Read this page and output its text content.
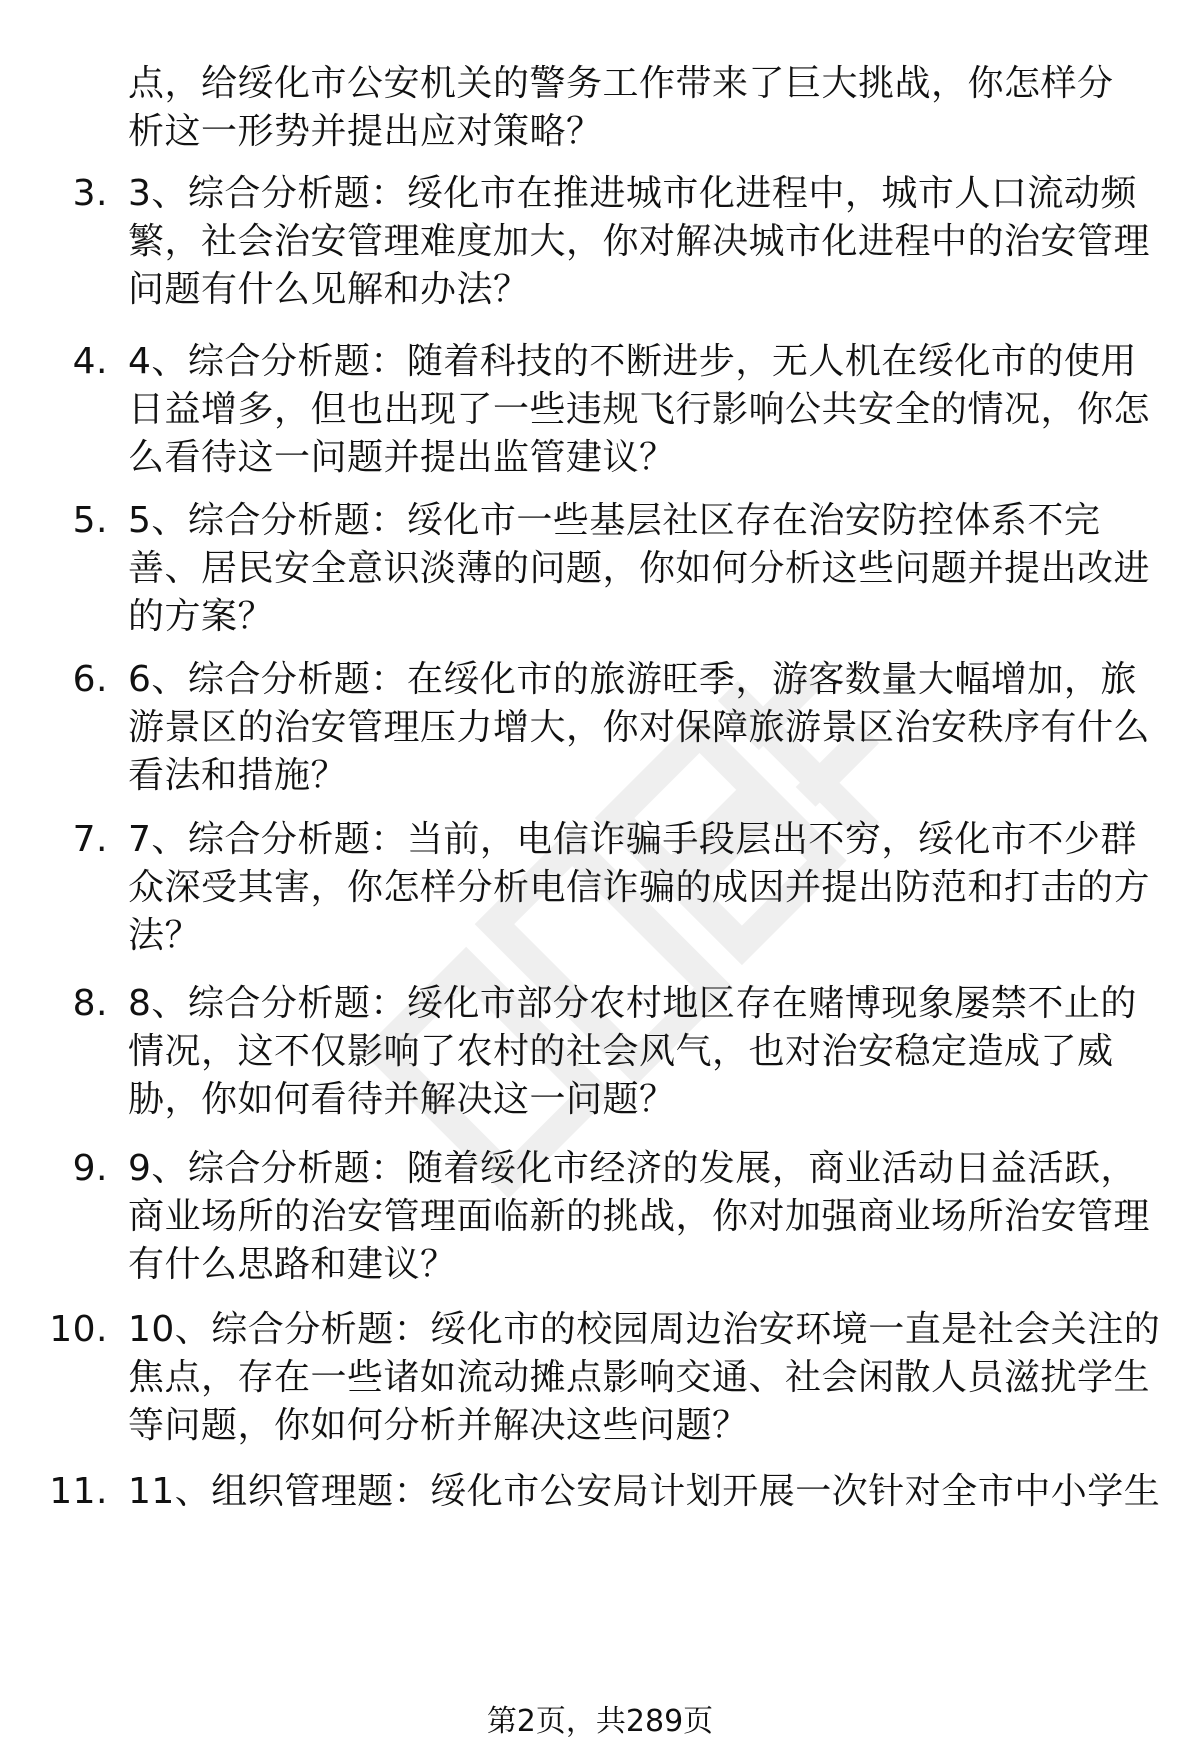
点，给绥化市公安机关的警务工作带来了巨大挑战，你怎样分析这一形势并提出应对策略？
3. 3、综合分析题：绥化市在推进城市化进程中，城市人口流动频繁，社会治安管理难度加大，你对解决城市化进程中的治安管理问题有什么见解和办法？
4. 4、综合分析题：随着科技的不断进步，无人机在绥化市的使用日益增多，但也出现了一些违规飞行影响公共安全的情况，你怎么看待这一问题并提出监管建议？
5. 5、综合分析题：绥化市一些基层社区存在治安防控体系不完善、居民安全意识淡薄的问题，你如何分析这些问题并提出改进的方案？
6. 6、综合分析题：在绥化市的旅游旺季，游客数量大幅增加，旅游景区的治安管理压力增大，你对保障旅游景区治安秩序有什么看法和措施？
7. 7、综合分析题：当前，电信诈骗手段层出不穷，绥化市不少群众深受其害，你怎样分析电信诈骗的成因并提出防范和打击的方法？
8. 8、综合分析题：绥化市部分农村地区存在赌博现象屡禁不止的情况，这不仅影响了农村的社会风气，也对治安稳定造成了威胁，你如何看待并解决这一问题？
9. 9、综合分析题：随着绥化市经济的发展，商业活动日益活跃，商业场所的治安管理面临新的挑战，你对加强商业场所治安管理有什么思路和建议？
10. 10、综合分析题：绥化市的校园周边治安环境一直是社会关注的焦点，存在一些诸如流动摊点影响交通、社会闲散人员滋扰学生等问题，你如何分析并解决这些问题？
11. 11、组织管理题：绥化市公安局计划开展一次针对全市中小学生
第2页，共289页
